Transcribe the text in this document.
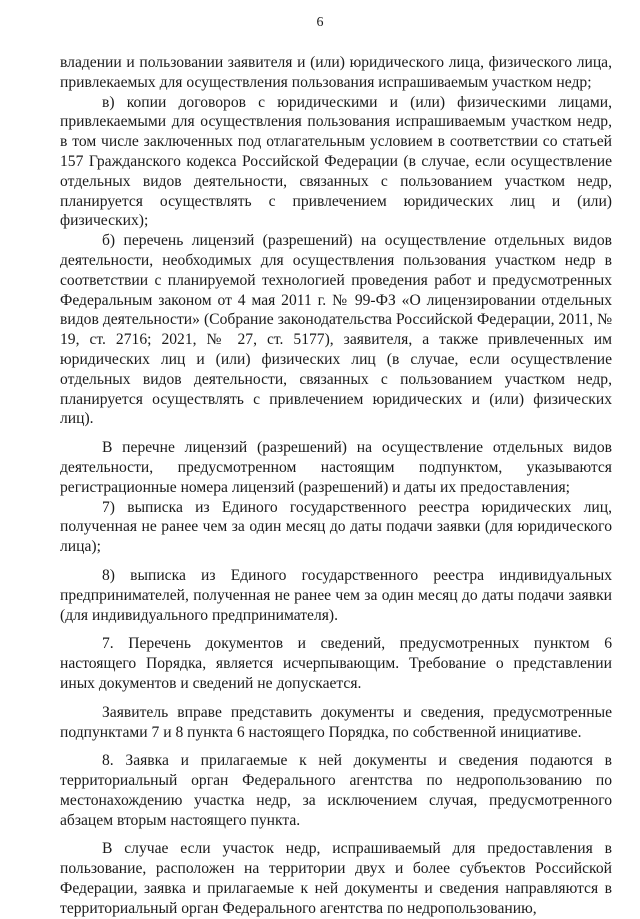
6

владении и пользовании заявителя и (или) юридического лица, физического лица, привлекаемых для осуществления пользования испрашиваемым участком недр;

в) копии договоров с юридическими и (или) физическими лицами, привлекаемыми для осуществления пользования испрашиваемым участком недр, в том числе заключенных под отлагательным условием в соответствии со статьей 157 Гражданского кодекса Российской Федерации (в случае, если осуществление отдельных видов деятельности, связанных с пользованием участком недр, планируется осуществлять с привлечением юридических лиц и (или) физических);

б) перечень лицензий (разрешений) на осуществление отдельных видов деятельности, необходимых для осуществления пользования участком недр в соответствии с планируемой технологией проведения работ и предусмотренных Федеральным законом от 4 мая 2011 г. № 99-ФЗ «О лицензировании отдельных видов деятельности» (Собрание законодательства Российской Федерации, 2011, № 19, ст. 2716; 2021, № 27, ст. 5177), заявителя, а также привлеченных им юридических лиц и (или) физических лиц (в случае, если осуществление отдельных видов деятельности, связанных с пользованием участком недр, планируется осуществлять с привлечением юридических и (или) физических лиц).

В перечне лицензий (разрешений) на осуществление отдельных видов деятельности, предусмотренном настоящим подпунктом, указываются регистрационные номера лицензий (разрешений) и даты их предоставления;

7) выписка из Единого государственного реестра юридических лиц, полученная не ранее чем за один месяц до даты подачи заявки (для юридического лица);

8) выписка из Единого государственного реестра индивидуальных предпринимателей, полученная не ранее чем за один месяц до даты подачи заявки (для индивидуального предпринимателя).

7. Перечень документов и сведений, предусмотренных пунктом 6 настоящего Порядка, является исчерпывающим. Требование о представлении иных документов и сведений не допускается.

Заявитель вправе представить документы и сведения, предусмотренные подпунктами 7 и 8 пункта 6 настоящего Порядка, по собственной инициативе.

8. Заявка и прилагаемые к ней документы и сведения подаются в территориальный орган Федерального агентства по недропользованию по местонахождению участка недр, за исключением случая, предусмотренного абзацем вторым настоящего пункта.

В случае если участок недр, испрашиваемый для предоставления в пользование, расположен на территории двух и более субъектов Российской Федерации, заявка и прилагаемые к ней документы и сведения направляются в территориальный орган Федерального агентства по недропользованию,
